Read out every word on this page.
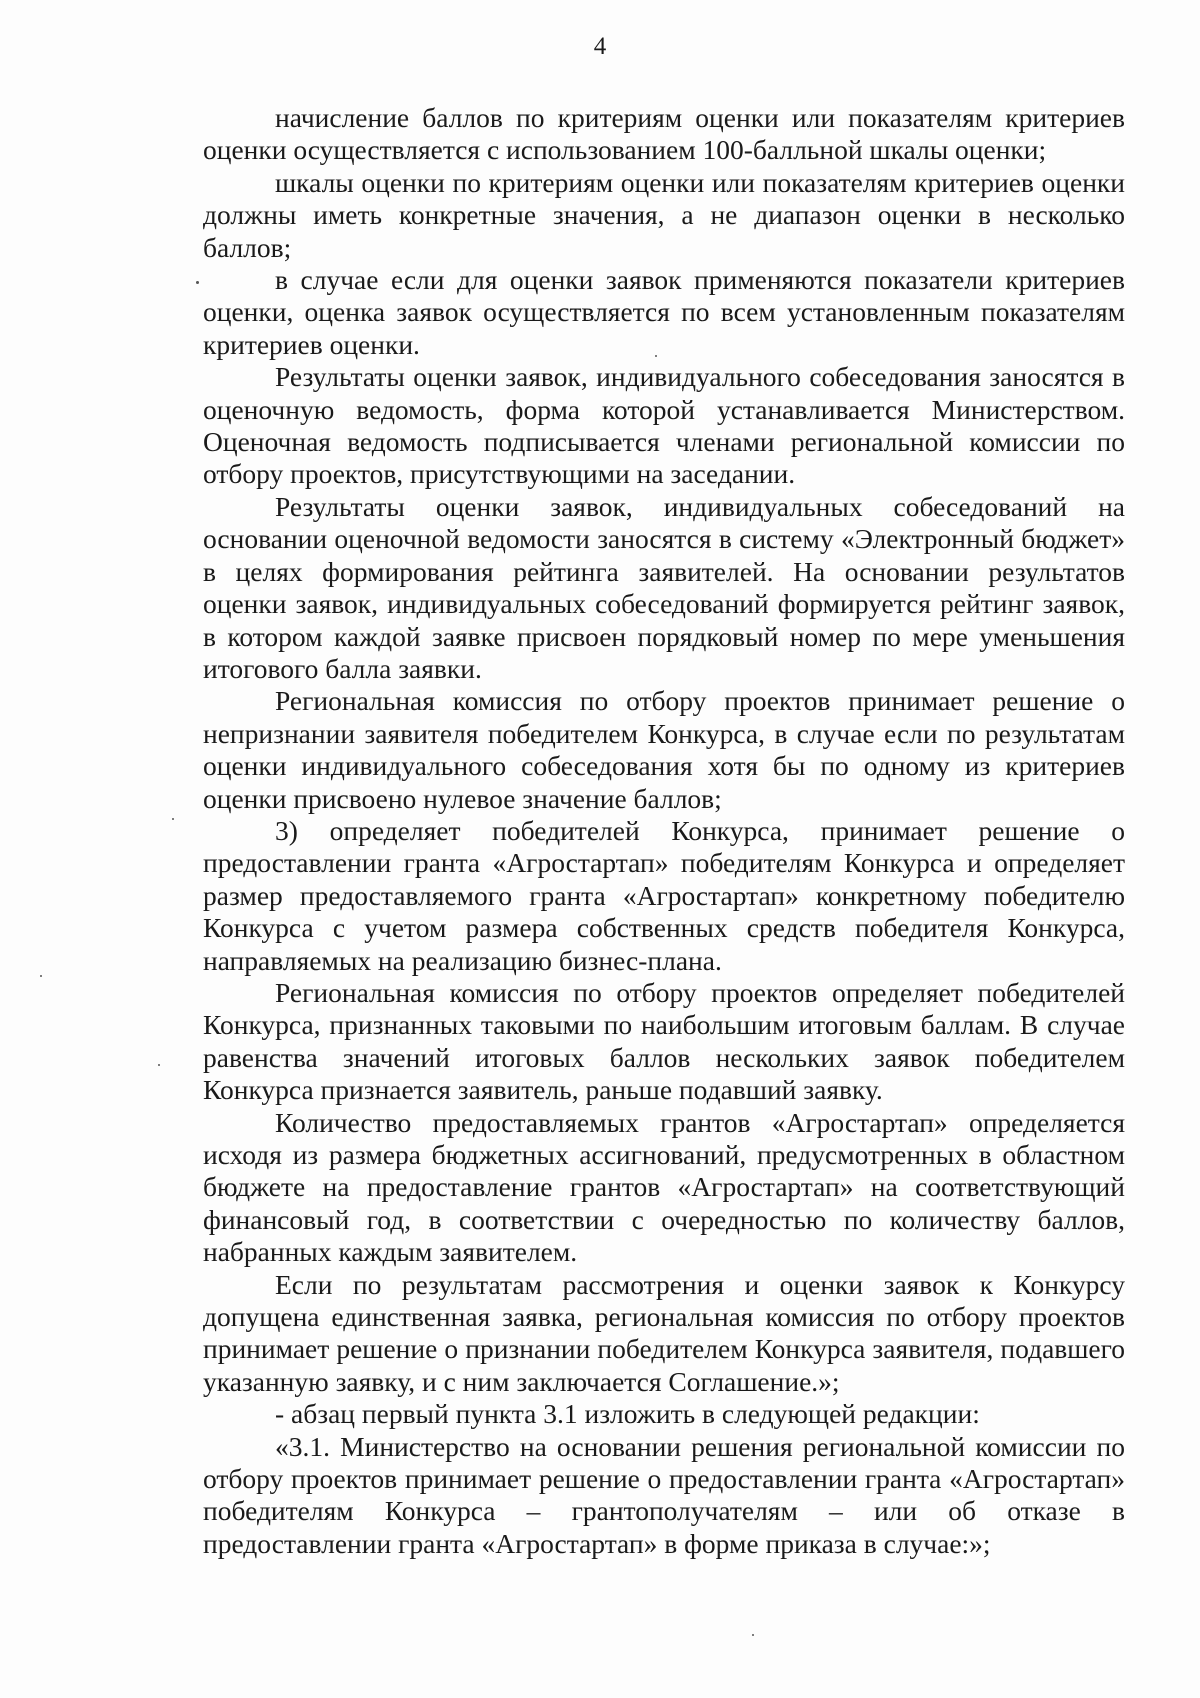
4

начисление баллов по критериям оценки или показателям критериев оценки осуществляется с использованием 100-балльной шкалы оценки;

шкалы оценки по критериям оценки или показателям критериев оценки должны иметь конкретные значения, а не диапазон оценки в несколько баллов;

в случае если для оценки заявок применяются показатели критериев оценки, оценка заявок осуществляется по всем установленным показателям критериев оценки.

Результаты оценки заявок, индивидуального собеседования заносятся в оценочную ведомость, форма которой устанавливается Министерством. Оценочная ведомость подписывается членами региональной комиссии по отбору проектов, присутствующими на заседании.

Результаты оценки заявок, индивидуальных собеседований на основании оценочной ведомости заносятся в систему «Электронный бюджет» в целях формирования рейтинга заявителей. На основании результатов оценки заявок, индивидуальных собеседований формируется рейтинг заявок, в котором каждой заявке присвоен порядковый номер по мере уменьшения итогового балла заявки.

Региональная комиссия по отбору проектов принимает решение о непризнании заявителя победителем Конкурса, в случае если по результатам оценки индивидуального собеседования хотя бы по одному из критериев оценки присвоено нулевое значение баллов;

3) определяет победителей Конкурса, принимает решение о предоставлении гранта «Агростартап» победителям Конкурса и определяет размер предоставляемого гранта «Агростартап» конкретному победителю Конкурса с учетом размера собственных средств победителя Конкурса, направляемых на реализацию бизнес-плана.

Региональная комиссия по отбору проектов определяет победителей Конкурса, признанных таковыми по наибольшим итоговым баллам. В случае равенства значений итоговых баллов нескольких заявок победителем Конкурса признается заявитель, раньше подавший заявку.

Количество предоставляемых грантов «Агростартап» определяется исходя из размера бюджетных ассигнований, предусмотренных в областном бюджете на предоставление грантов «Агростартап» на соответствующий финансовый год, в соответствии с очередностью по количеству баллов, набранных каждым заявителем.

Если по результатам рассмотрения и оценки заявок к Конкурсу допущена единственная заявка, региональная комиссия по отбору проектов принимает решение о признании победителем Конкурса заявителя, подавшего указанную заявку, и с ним заключается Соглашение.»;

- абзац первый пункта 3.1 изложить в следующей редакции:

«3.1. Министерство на основании решения региональной комиссии по отбору проектов принимает решение о предоставлении гранта «Агростартап» победителям Конкурса – грантополучателям – или об отказе в предоставлении гранта «Агростартап» в форме приказа в случае:»;
